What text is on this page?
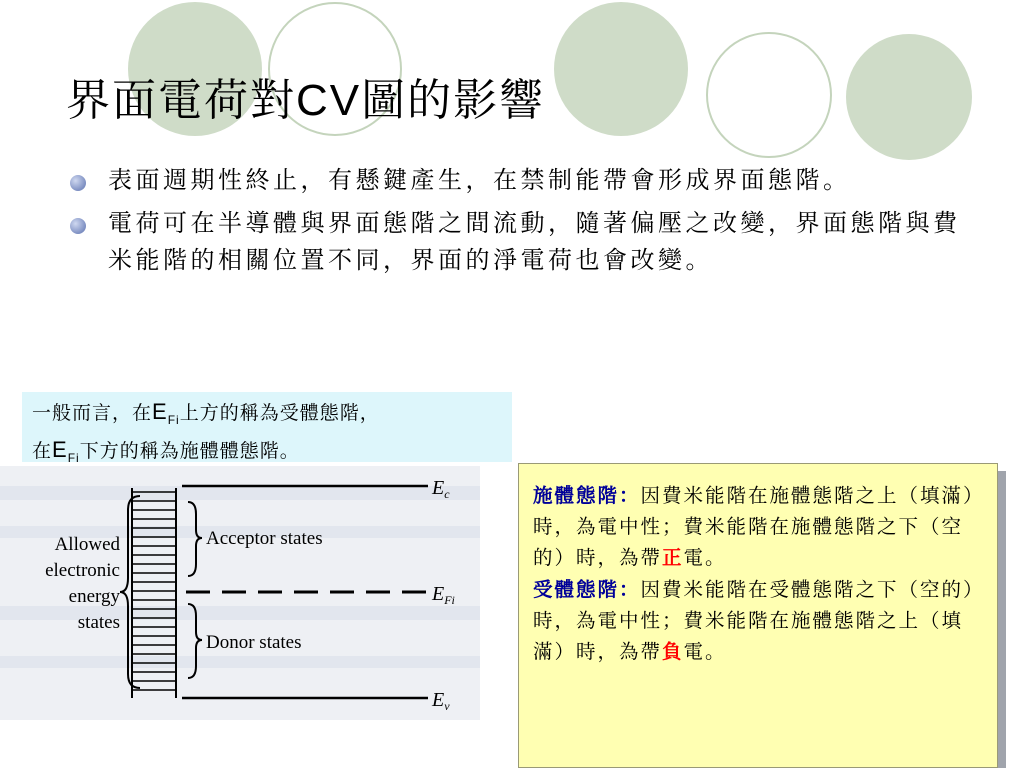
界面電荷對CV圖的影響
表面週期性終止，有懸鍵產生，在禁制能帶會形成界面態階。
電荷可在半導體與界面態階之間流動，隨著偏壓之改變，界面態階與費米能階的相關位置不同，界面的淨電荷也會改變。
一般而言，在$E_{Fi}$上方的稱為受體態階，
在$E_{Fi}$下方的稱為施體體態階。
Allowed
electronic
energy
states
Acceptor states
Donor states
$E_c$
$E_{Fi}$
$E_v$
施體態階：因費米能階在施體態階之上（填滿）時，為電中性；費米能階在施體態階之下（空的）時，為帶正電。
受體態階：因費米能階在受體態階之下（空的）時，為電中性；費米能階在施體態階之上（填滿）時，為帶負電。
